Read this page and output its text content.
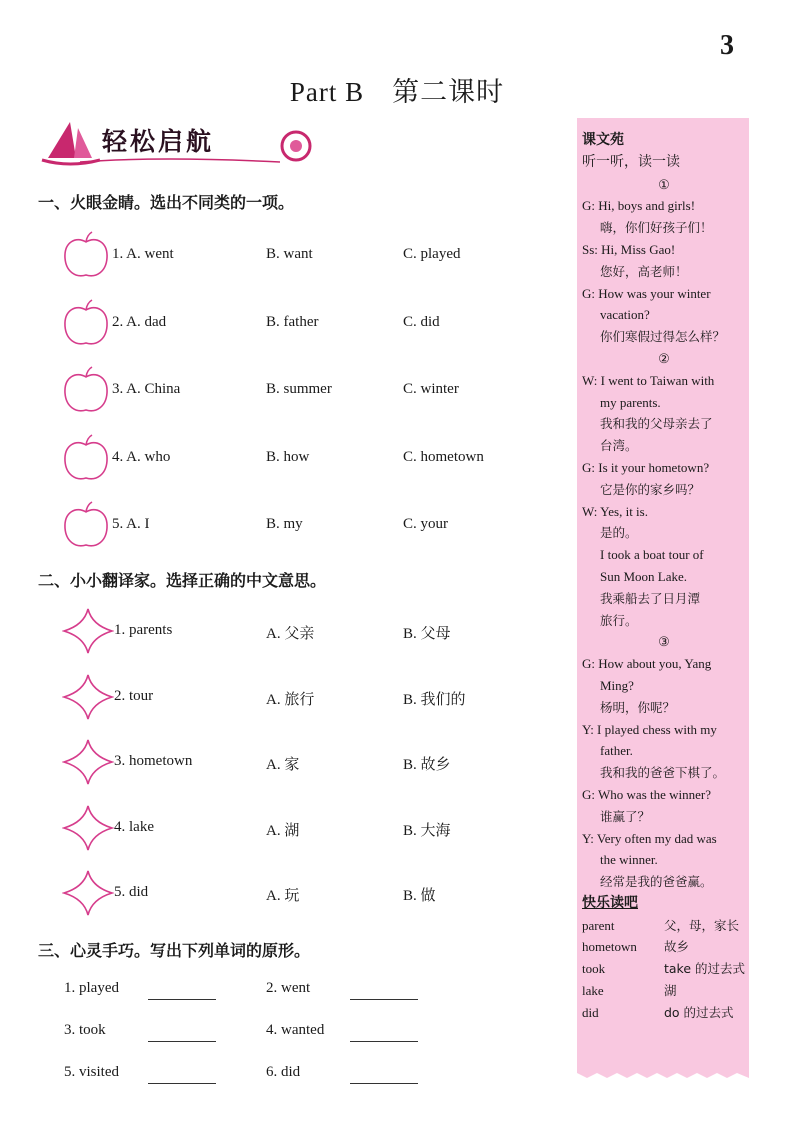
3
Part B　第二课时
轻松启航
一、火眼金睛。选出不同类的一项。
1. A. went	B. want	C. played
2. A. dad	B. father	C. did
3. A. China	B. summer	C. winter
4. A. who	B. how	C. hometown
5. A. I	B. my	C. your
二、小小翻译家。选择正确的中文意思。
1. parents	A. 父亲	B. 父母
2. tour	A. 旅行	B. 我们的
3. hometown	A. 家	B. 故乡
4. lake	A. 湖	B. 大海
5. did	A. 玩	B. 做
三、心灵手巧。写出下列单词的原形。
1. played	2. went
3. took	4. wanted
5. visited	6. did
课文苑
听一听，读一读
①
G: Hi, boys and girls!
嗨，你们好孩子们！
Ss: Hi, Miss Gao!
您好，高老师！
G: How was your winter
vacation?
你们寒假过得怎么样？
②
W: I went to Taiwan with
my parents.
我和我的父母亲去了
台湾。
G: Is it your hometown?
它是你的家乡吗？
W: Yes, it is.
是的。
I took a boat tour of
Sun Moon Lake.
我乘船去了日月潭
旅行。
③
G: How about you, Yang
Ming?
杨明，你呢？
Y: I played chess with my
father.
我和我的爸爸下棋了。
G: Who was the winner?
谁赢了？
Y: Very often my dad was
the winner.
经常是我的爸爸赢。
快乐读吧
parent	父，母，家长
hometown	故乡
took	take 的过去式
lake	湖
did	do 的过去式
